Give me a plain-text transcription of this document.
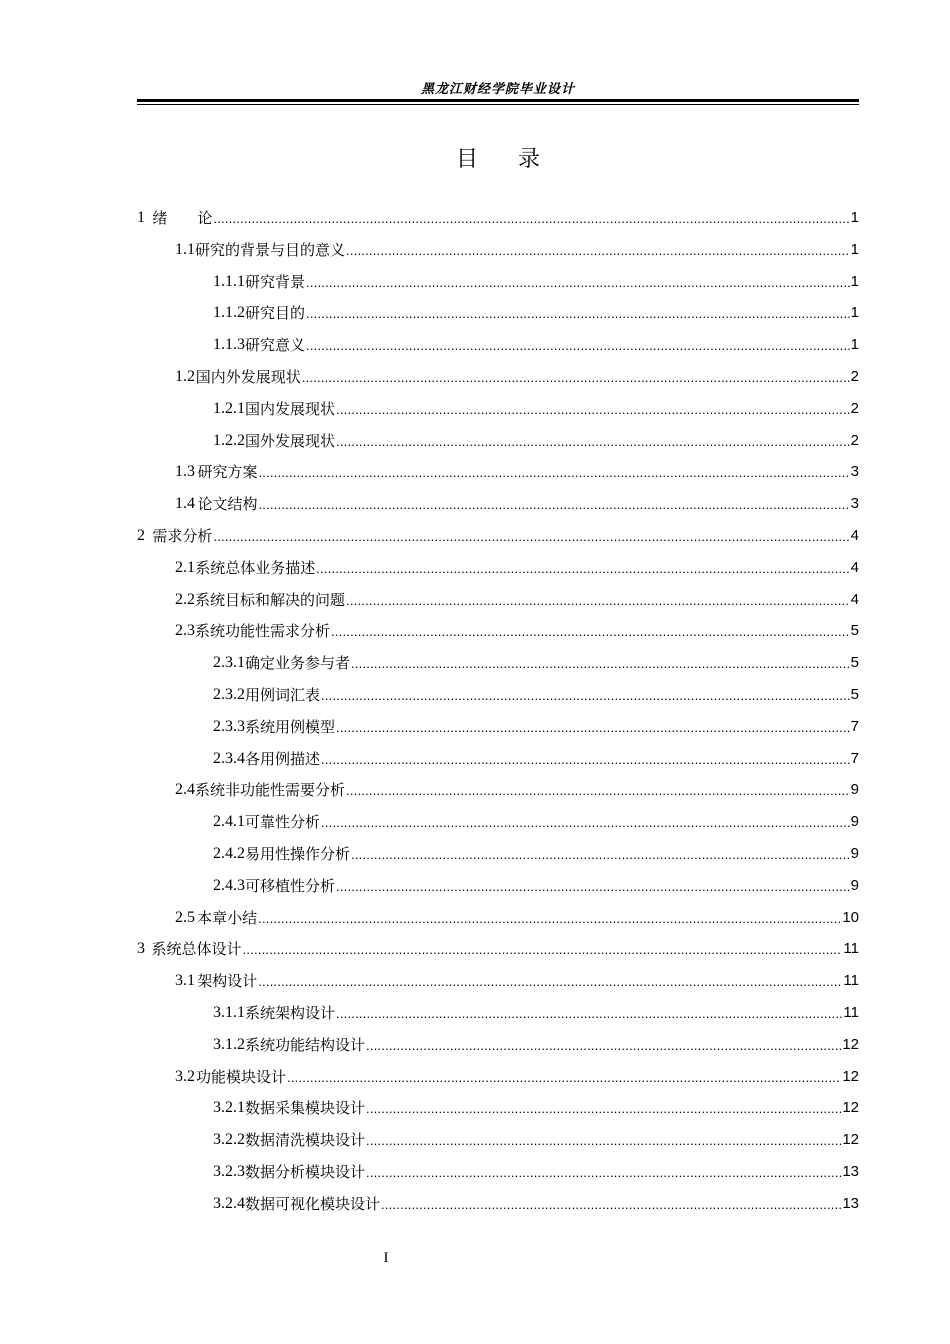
黑龙江财经学院毕业设计
目录
1 绪　　论 .....	1
1.1 研究的背景与目的意义 .....	1
1.1.1 研究背景 .....	1
1.1.2 研究目的 .....	1
1.1.3 研究意义 .....	1
1.2 国内外发展现状 .....	2
1.2.1 国内发展现状 .....	2
1.2.2 国外发展现状 .....	2
1.3 研究方案 .....	3
1.4 论文结构 .....	3
2 需求分析 .....	4
2.1 系统总体业务描述 .....	4
2.2 系统目标和解决的问题 .....	4
2.3 系统功能性需求分析 .....	5
2.3.1 确定业务参与者 .....	5
2.3.2 用例词汇表 .....	5
2.3.3 系统用例模型 .....	7
2.3.4 各用例描述 .....	7
2.4 系统非功能性需要分析 .....	9
2.4.1 可靠性分析 .....	9
2.4.2 易用性操作分析 .....	9
2.4.3 可移植性分析 .....	9
2.5 本章小结 .....	10
3 系统总体设计 .....	11
3.1 架构设计 .....	11
3.1.1 系统架构设计 .....	11
3.1.2 系统功能结构设计 .....	12
3.2 功能模块设计 .....	12
3.2.1 数据采集模块设计 .....	12
3.2.2 数据清洗模块设计 .....	12
3.2.3 数据分析模块设计 .....	13
3.2.4 数据可视化模块设计 .....	13
I
